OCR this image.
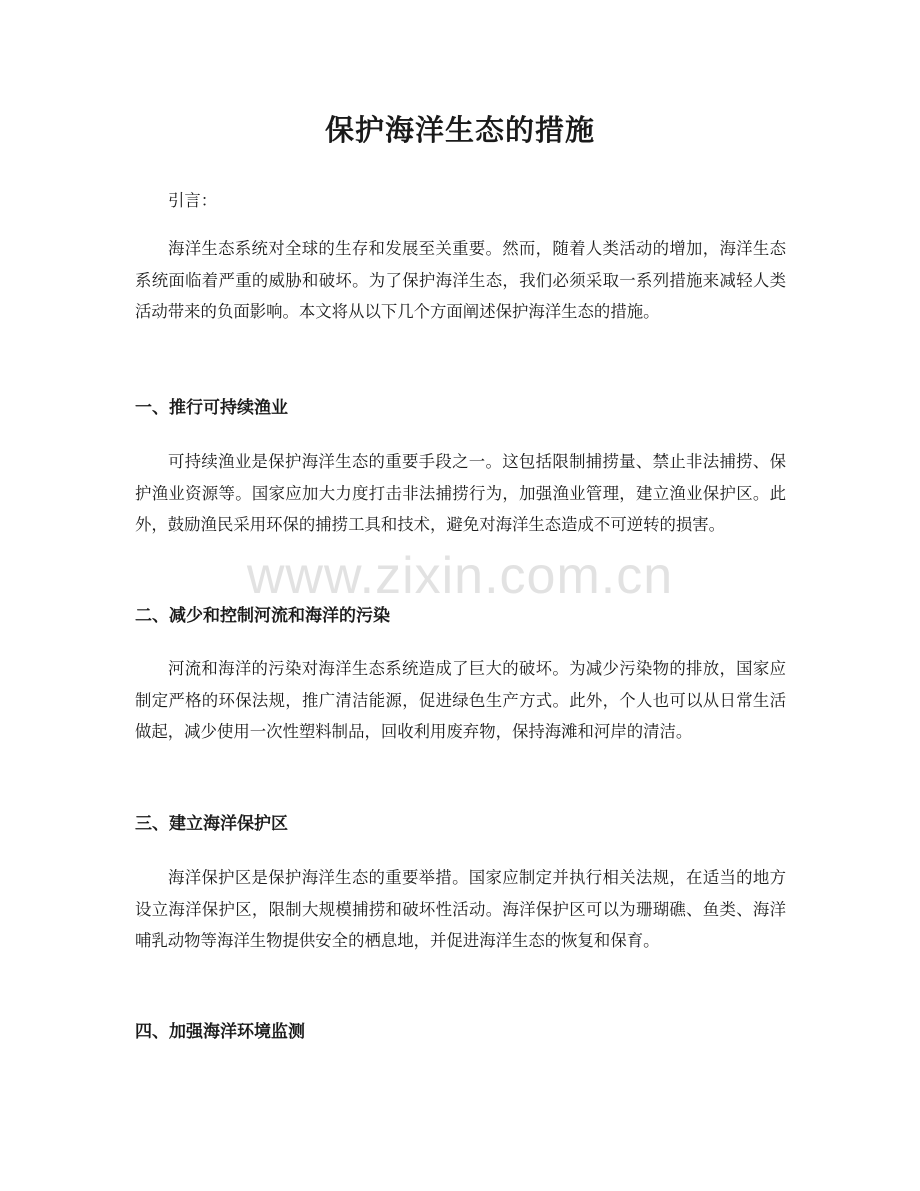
保护海洋生态的措施

引言：

海洋生态系统对全球的生存和发展至关重要。然而，随着人类活动的增加，海洋生态系统面临着严重的威胁和破坏。为了保护海洋生态，我们必须采取一系列措施来减轻人类活动带来的负面影响。本文将从以下几个方面阐述保护海洋生态的措施。

一、推行可持续渔业

可持续渔业是保护海洋生态的重要手段之一。这包括限制捕捞量、禁止非法捕捞、保护渔业资源等。国家应加大力度打击非法捕捞行为，加强渔业管理，建立渔业保护区。此外，鼓励渔民采用环保的捕捞工具和技术，避免对海洋生态造成不可逆转的损害。

二、减少和控制河流和海洋的污染

河流和海洋的污染对海洋生态系统造成了巨大的破坏。为减少污染物的排放，国家应制定严格的环保法规，推广清洁能源，促进绿色生产方式。此外，个人也可以从日常生活做起，减少使用一次性塑料制品，回收利用废弃物，保持海滩和河岸的清洁。

三、建立海洋保护区

海洋保护区是保护海洋生态的重要举措。国家应制定并执行相关法规，在适当的地方设立海洋保护区，限制大规模捕捞和破坏性活动。海洋保护区可以为珊瑚礁、鱼类、海洋哺乳动物等海洋生物提供安全的栖息地，并促进海洋生态的恢复和保育。

四、加强海洋环境监测
www.zixin.com.cn
